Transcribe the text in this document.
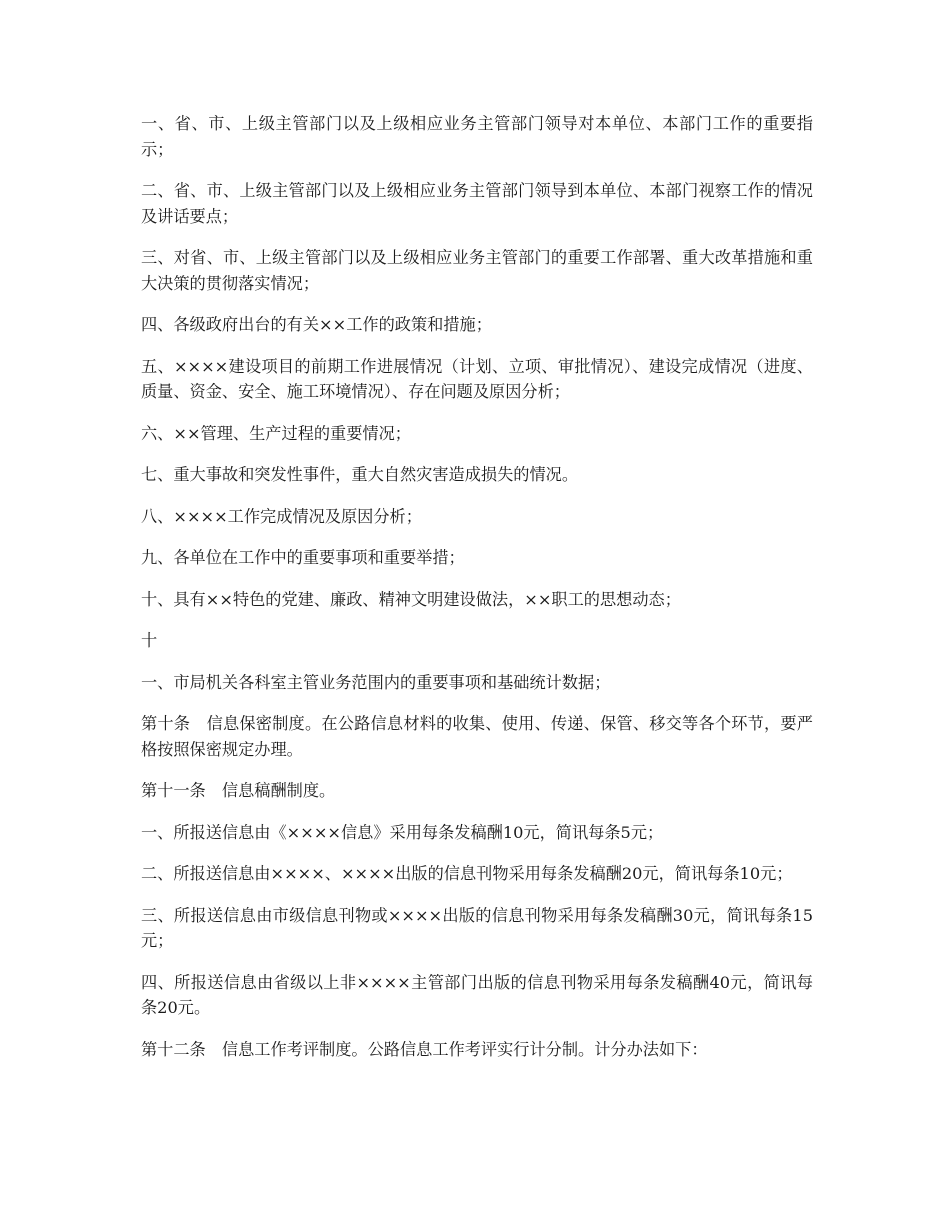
一、省、市、上级主管部门以及上级相应业务主管部门领导对本单位、本部门工作的重要指示；

二、省、市、上级主管部门以及上级相应业务主管部门领导到本单位、本部门视察工作的情况及讲话要点；

三、对省、市、上级主管部门以及上级相应业务主管部门的重要工作部署、重大改革措施和重大决策的贯彻落实情况；

四、各级政府出台的有关××工作的政策和措施；

五、××××建设项目的前期工作进展情况（计划、立项、审批情况）、建设完成情况（进度、质量、资金、安全、施工环境情况）、存在问题及原因分析；

六、××管理、生产过程的重要情况；

七、重大事故和突发性事件，重大自然灾害造成损失的情况。

八、××××工作完成情况及原因分析；

九、各单位在工作中的重要事项和重要举措；

十、具有××特色的党建、廉政、精神文明建设做法，××职工的思想动态；

十

一、市局机关各科室主管业务范围内的重要事项和基础统计数据；

第十条　信息保密制度。在公路信息材料的收集、使用、传递、保管、移交等各个环节，要严格按照保密规定办理。

第十一条　信息稿酬制度。

一、所报送信息由《××××信息》采用每条发稿酬10元，简讯每条5元；

二、所报送信息由××××、××××出版的信息刊物采用每条发稿酬20元，简讯每条10元；

三、所报送信息由市级信息刊物或××××出版的信息刊物采用每条发稿酬30元，简讯每条15元；

四、所报送信息由省级以上非××××主管部门出版的信息刊物采用每条发稿酬40元，简讯每条20元。

第十二条　信息工作考评制度。公路信息工作考评实行计分制。计分办法如下：
